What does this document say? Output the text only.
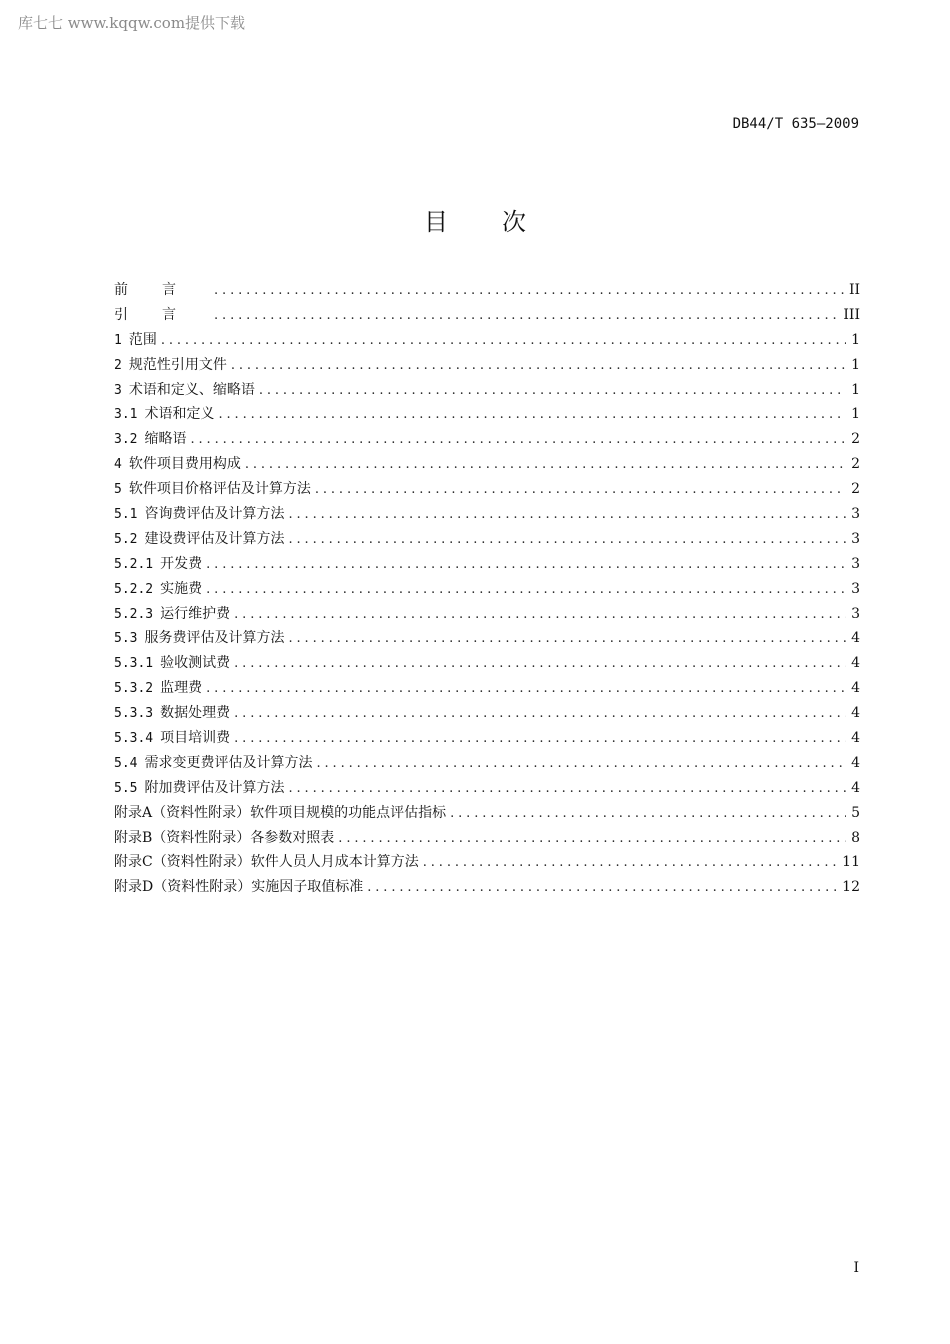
库七七 www.kqqw.com提供下载
DB44/T 635—2009
目 次
前言 .....	II
引言 .....	III
1 范围 .....	1
2 规范性引用文件 .....	1
3 术语和定义、缩略语 .....	1
3.1 术语和定义 .....	1
3.2 缩略语 .....	2
4 软件项目费用构成 .....	2
5 软件项目价格评估及计算方法 .....	2
5.1 咨询费评估及计算方法 .....	3
5.2 建设费评估及计算方法 .....	3
5.2.1 开发费 .....	3
5.2.2 实施费 .....	3
5.2.3 运行维护费 .....	3
5.3 服务费评估及计算方法 .....	4
5.3.1 验收测试费 .....	4
5.3.2 监理费 .....	4
5.3.3 数据处理费 .....	4
5.3.4 项目培训费 .....	4
5.4 需求变更费评估及计算方法 .....	4
5.5 附加费评估及计算方法 .....	4
附录A（资料性附录）软件项目规模的功能点评估指标 .....	5
附录B（资料性附录）各参数对照表 .....	8
附录C（资料性附录）软件人员人月成本计算方法 .....	11
附录D（资料性附录）实施因子取值标准 .....	12
I
